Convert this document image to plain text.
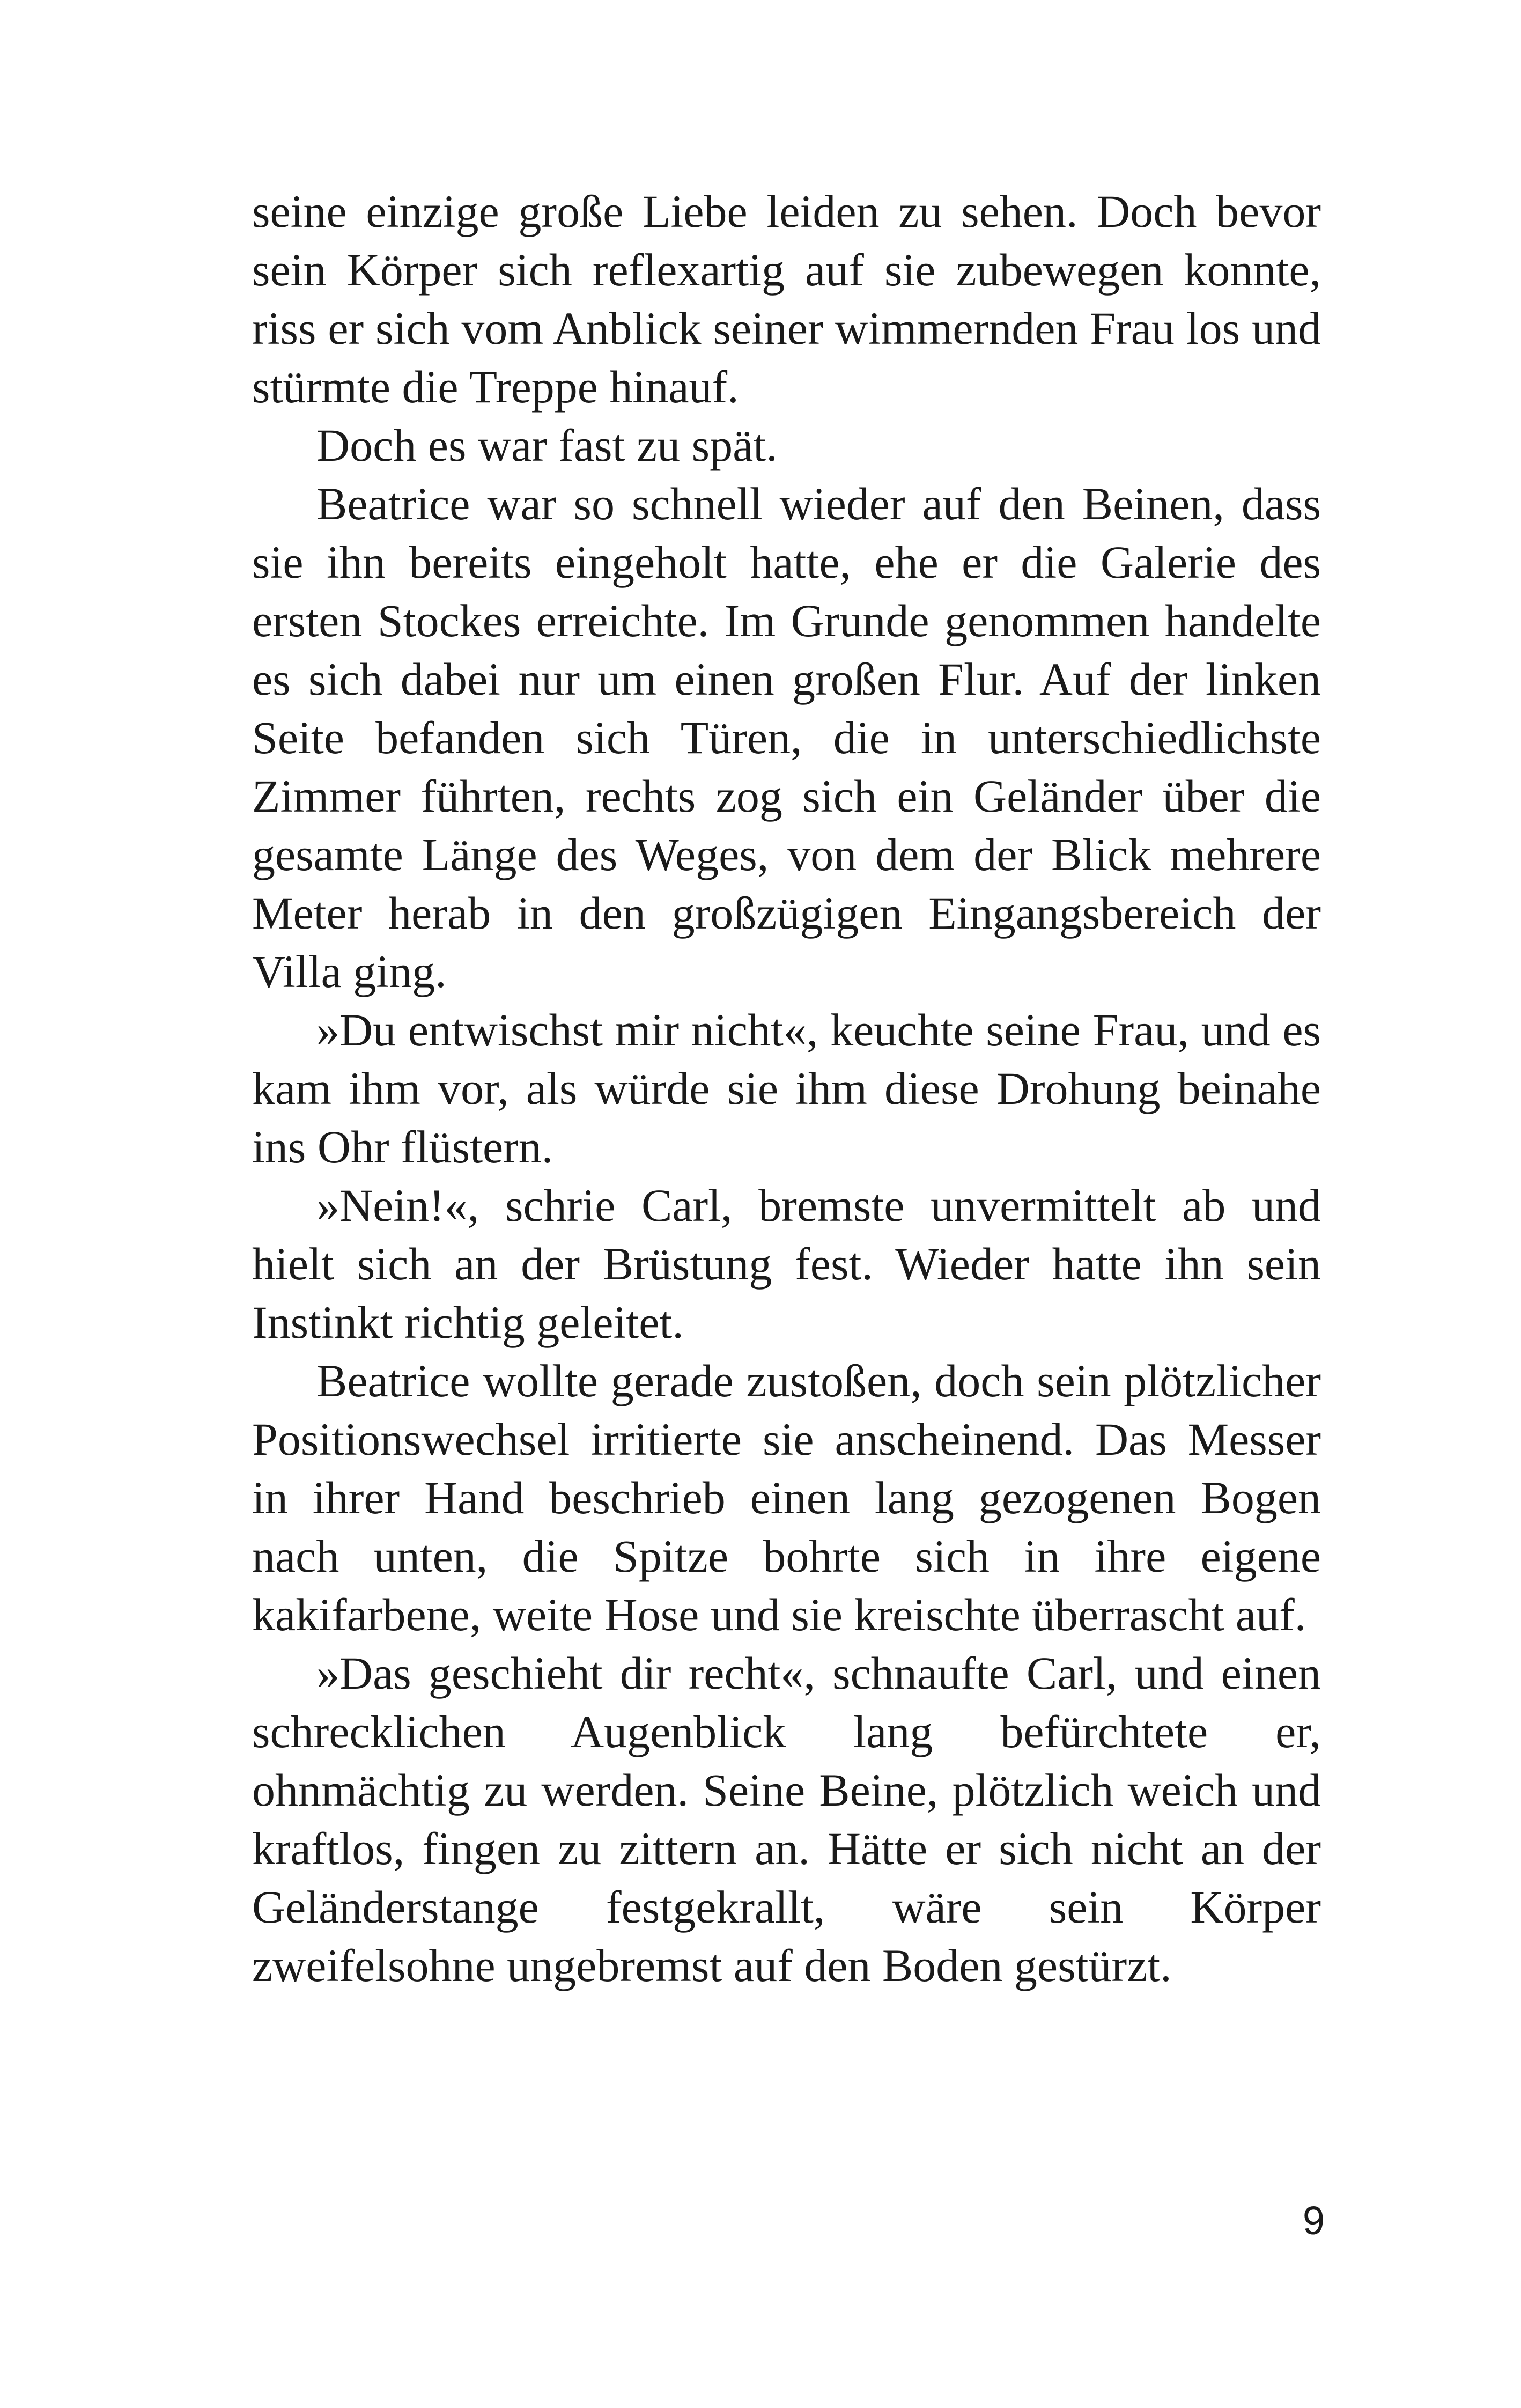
seine einzige große Liebe leiden zu sehen. Doch bevor sein Körper sich reflexartig auf sie zubewegen konnte, riss er sich vom Anblick seiner wimmernden Frau los und stürmte die Treppe hinauf.

Doch es war fast zu spät.

Beatrice war so schnell wieder auf den Beinen, dass sie ihn bereits eingeholt hatte, ehe er die Galerie des ersten Stockes erreichte. Im Grunde genommen handelte es sich dabei nur um einen großen Flur. Auf der linken Seite befanden sich Türen, die in unterschiedlichste Zimmer führten, rechts zog sich ein Geländer über die gesamte Länge des Weges, von dem der Blick mehrere Meter herab in den großzügigen Eingangsbereich der Villa ging.

»Du entwischst mir nicht«, keuchte seine Frau, und es kam ihm vor, als würde sie ihm diese Drohung beinahe ins Ohr flüstern.

»Nein!«, schrie Carl, bremste unvermittelt ab und hielt sich an der Brüstung fest. Wieder hatte ihn sein Instinkt richtig geleitet.

Beatrice wollte gerade zustoßen, doch sein plötzlicher Positionswechsel irritierte sie anscheinend. Das Messer in ihrer Hand beschrieb einen lang gezogenen Bogen nach unten, die Spitze bohrte sich in ihre eigene kakifarbene, weite Hose und sie kreischte überrascht auf.

»Das geschieht dir recht«, schnaufte Carl, und einen schrecklichen Augenblick lang befürchtete er, ohnmächtig zu werden. Seine Beine, plötzlich weich und kraftlos, fingen zu zittern an. Hätte er sich nicht an der Geländerstange festgekrallt, wäre sein Körper zweifelsohne ungebremst auf den Boden gestürzt.

9
